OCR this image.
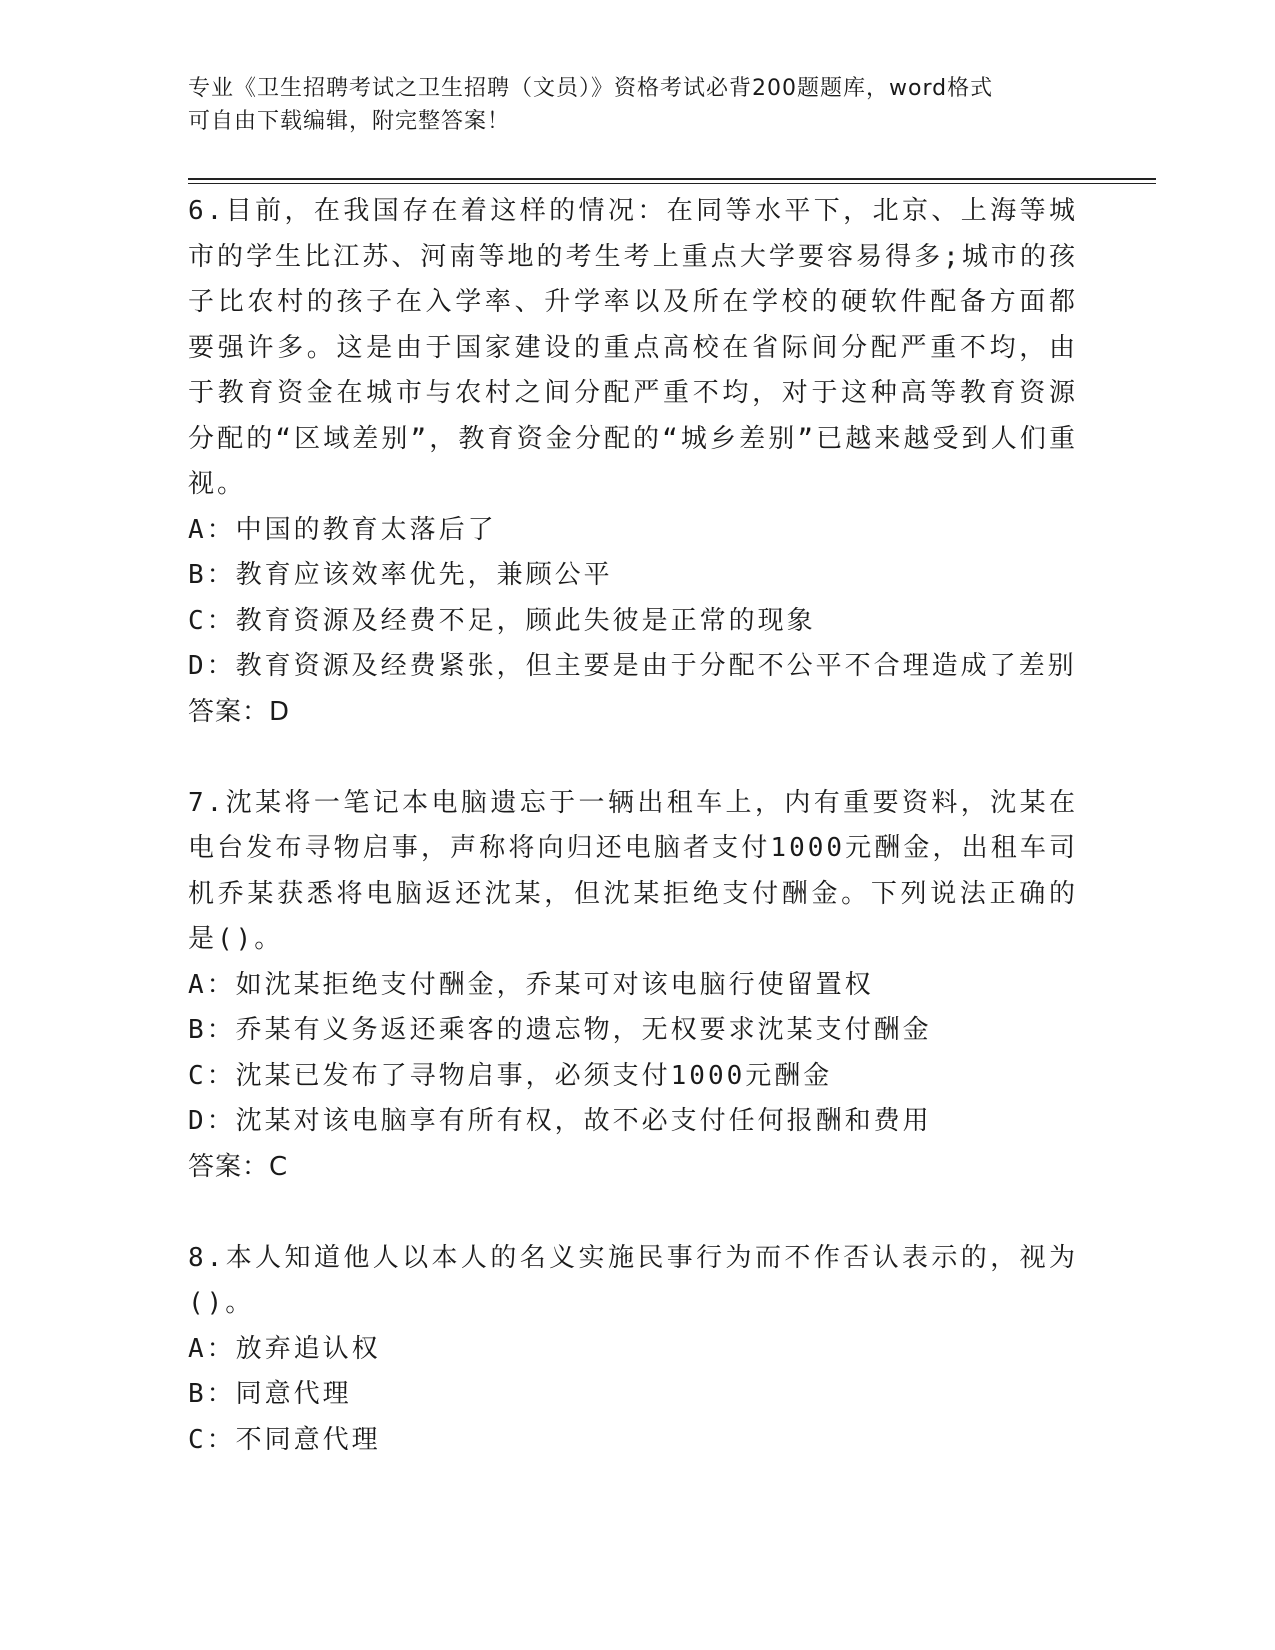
专业《卫生招聘考试之卫生招聘（文员）》资格考试必背200题题库，word格式
可自由下载编辑，附完整答案！

6.目前，在我国存在着这样的情况：在同等水平下，北京、上海等城市的学生比江苏、河南等地的考生考上重点大学要容易得多;城市的孩子比农村的孩子在入学率、升学率以及所在学校的硬软件配备方面都要强许多。这是由于国家建设的重点高校在省际间分配严重不均，由于教育资金在城市与农村之间分配严重不均，对于这种高等教育资源分配的“区域差别”，教育资金分配的“城乡差别”已越来越受到人们重视。

A：中国的教育太落后了

B：教育应该效率优先，兼顾公平

C：教育资源及经费不足，顾此失彼是正常的现象

D：教育资源及经费紧张，但主要是由于分配不公平不合理造成了差别

答案：D

7.沈某将一笔记本电脑遗忘于一辆出租车上，内有重要资料，沈某在电台发布寻物启事，声称将向归还电脑者支付1000元酬金，出租车司机乔某获悉将电脑返还沈某，但沈某拒绝支付酬金。下列说法正确的是()。

A：如沈某拒绝支付酬金，乔某可对该电脑行使留置权

B：乔某有义务返还乘客的遗忘物，无权要求沈某支付酬金

C：沈某已发布了寻物启事，必须支付1000元酬金

D：沈某对该电脑享有所有权，故不必支付任何报酬和费用

答案：C

8.本人知道他人以本人的名义实施民事行为而不作否认表示的，视为()。

A：放弃追认权

B：同意代理

C：不同意代理
